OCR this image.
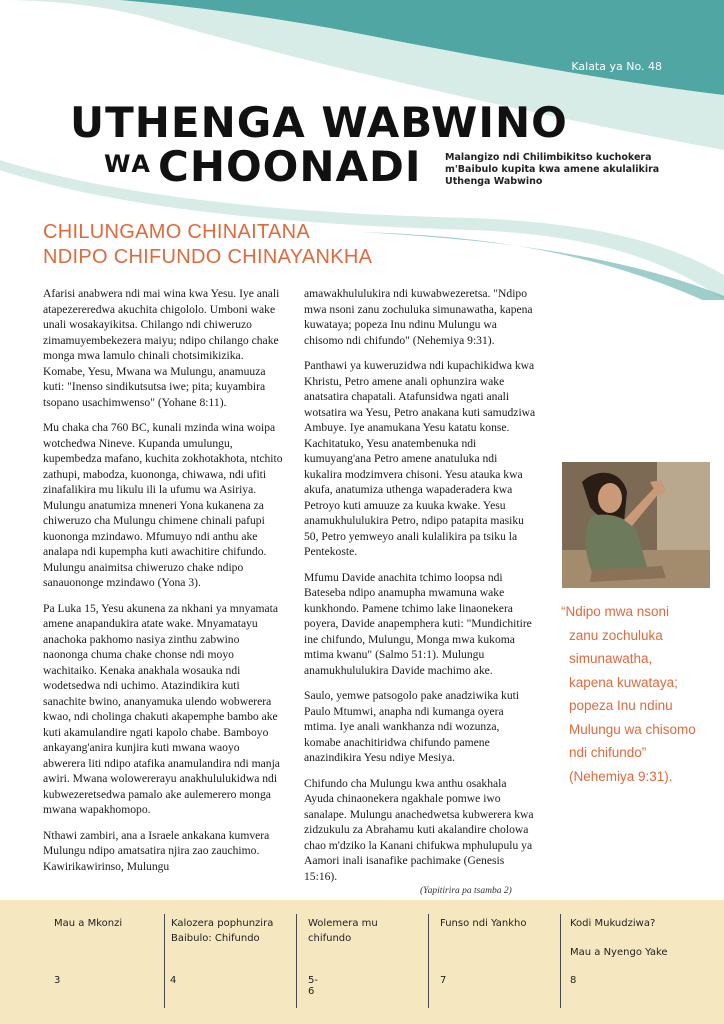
Kalata ya No. 48
UTHENGA WABWINO
WA CHOONADI Malangizo ndi Chilimbikitso kuchokera m'Baibulo kupita kwa amene akulalikira Uthenga Wabwino
CHILUNGAMO CHINAITANA
NDIPO CHIFUNDO CHINAYANKHA

Afarisi anabwera ndi mai wina kwa Yesu. Iye anali atapezereredwa akuchita chigololo. Umboni wake unali wosakayikitsa. Chilango ndi chiweruzo zimamuyembekezera maiyu; ndipo chilango chake monga mwa lamulo chinali chotsimikizika. Komabe, Yesu, Mwana wa Mulungu, anamuuza kuti: "Inenso sindikutsutsa iwe; pita; kuyambira tsopano usachimwenso" (Yohane 8:11).

Mu chaka cha 760 BC, kunali mzinda wina woipa wotchedwa Nineve. Kupanda umulungu, kupembedza mafano, kuchita zokhotakhota, ntchito zathupi, mabodza, kuonongа, chiwawa, ndi ufiti zinafalikira mu likulu ili la ufumu wa Asiriya. Mulungu anatumiza mneneri Yona kukanena za chiweruzo cha Mulungu chimene chinali pafupi kuononga mzindawo. Mfumuyo ndi anthu ake analapa ndi kupempha kuti awachitire chifundo. Mulungu anaimitsa chiweruzo chake ndipo sanauononge mzindawo (Yona 3).

Pa Luka 15, Yesu akunena za nkhani ya mnyamata amene anapandukira atate wake. Mnyamatayu anachoka pakhomo nasiya zinthu zabwino naononga chuma chake chonse ndi moyo wachitaiko. Kenaka anakhala wosauka ndi wodetsedwa ndi uchimo. Atazindikira kuti sanachite bwino, ananyamuka ulendo wobwerera kwao, ndi cholinga chakuti akapemphe bambo ake kuti akamulandire ngati kapolo chabe. Bamboyo ankayang'anira kunjira kuti mwana waoyo abwerera liti ndipo atafika anamulandira ndi manja awiri. Mwana wolowererayu anakhululukidwa ndi kubwezeretsedwa pamalo ake aulemerero monga mwana wapakhomopo.

Nthawi zambiri, ana a Israele ankakana kumvera Mulungu ndipo amatsatira njira zao zauchimo. Kawirikawirinso, Mulungu

amawakhululukira ndi kuwabwezeretsa. "Ndipo mwa nsoni zanu zochuluka simunawatha, kapena kuwataya; popeza Inu ndinu Mulungu wa chisomo ndi chifundo" (Nehemiya 9:31).

Panthawi ya kuweruzidwa ndi kupachikidwa kwa Khristu, Petro amene anali ophunzira wake anatsatira chapatali. Atafunsidwa ngati anali wotsatira wa Yesu, Petro anakana kuti samudziwa Ambuye. Iye anamukana Yesu katatu konse. Kachitatuko, Yesu anatembenuka ndi kumuyang'ana Petro amene anatuluka ndi kukalira modzimvera chisoni. Yesu atauka kwa akufa, anatumiza uthenga wapaderadera kwa Petroyo kuti amuuze za kuuka kwake. Yesu anamukhululukira Petro, ndipo patapita masiku 50, Petro yemweyo anali kulalikira pa tsiku la Pentekoste.

Mfumu Davide anachita tchimo loopsa ndi Bateseba ndipo anamupha mwamuna wake kunkhondo. Pamene tchimo lake linaonekera poyera, Davide anapemphera kuti: "Mundichitire ine chifundo, Mulungu, Monga mwa kukoma mtima kwanu" (Salmo 51:1). Mulungu anamukhululukira Davide machimo ake.

Saulo, yemwe patsogolo pake anadziwika kuti Paulo Mtumwi, anapha ndi kumanga oyera mtima. Iye anali wankhanza ndi wozunza, komabe anachitiridwa chifundo pamene anazindikira Yesu ndiye Mesiya.

Chifundo cha Mulungu kwa anthu osakhala Ayuda chinaonekera ngakhale pomwe iwo sanalape. Mulungu anachedwetsa kubwerera kwa zidzukulu za Abrahamu kuti akalandire cholowa chao m'dziko la Kanani chifukwa mphulupulu ya Aamori inali isanafike pachimake (Genesis 15:16).

(Yapitirira pa tsamba 2)
“Ndipo mwa nsoni
zanu zochuluka
simunawatha,
kapena kuwataya;
popeza Inu ndinu
Mulungu wa chisomo
ndi chifundo”
(Nehemiya 9:31).
Mau a Mkonzi
3
Kalozera pophunzira Baibulo: Chifundo
4
Wolemera mu chifundo
5-6
Funso ndi Yankho
7
Kodi Mukudziwa?
Mau a Nyengo Yake
8
